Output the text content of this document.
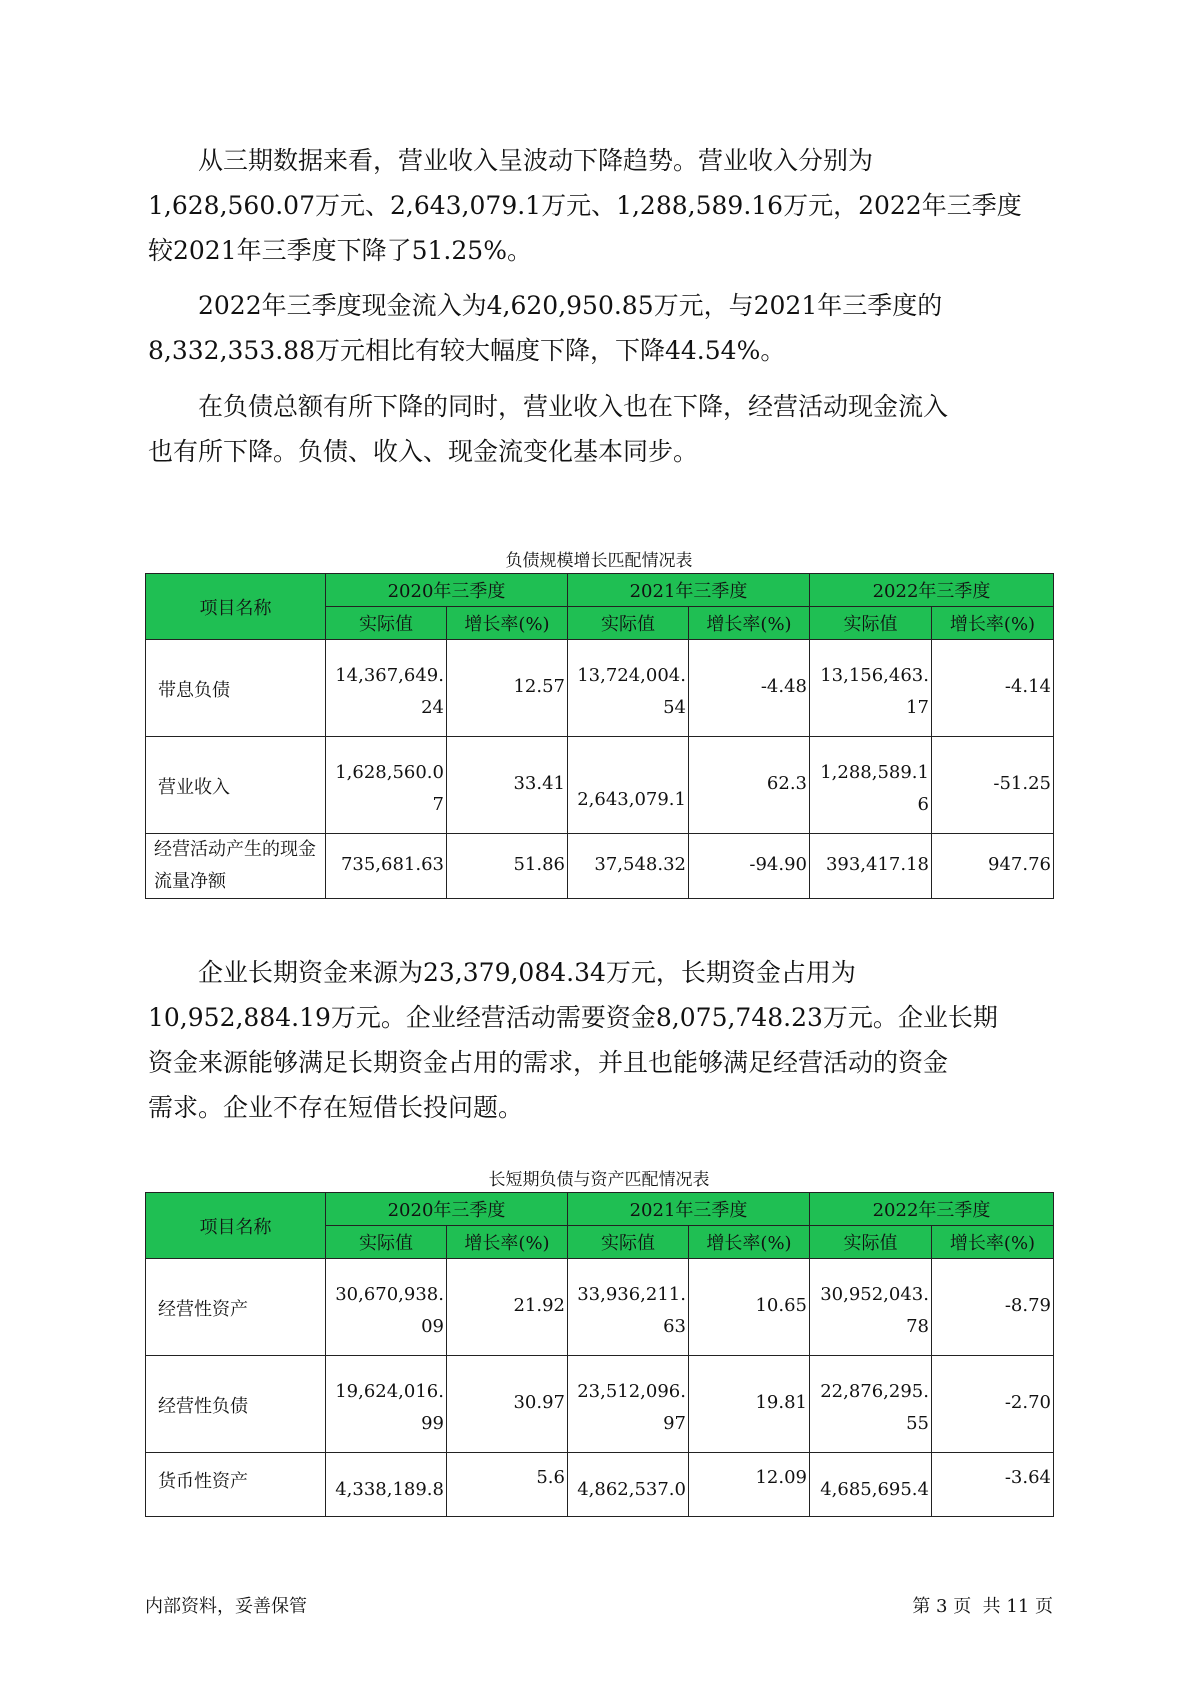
从三期数据来看，营业收入呈波动下降趋势。营业收入分别为
1,628,560.07万元、2,643,079.1万元、1,288,589.16万元，2022年三季度
较2021年三季度下降了51.25%。
2022年三季度现金流入为4,620,950.85万元，与2021年三季度的
8,332,353.88万元相比有较大幅度下降，下降44.54%。
在负债总额有所下降的同时，营业收入也在下降，经营活动现金流入
也有所下降。负债、收入、现金流变化基本同步。
负债规模增长匹配情况表
项目名称	2020年三季度		2021年三季度		2022年三季度	
	实际值	增长率(%)	实际值	增长率(%)	实际值	增长率(%)
带息负债	14,367,649.24	12.57	13,724,004.54	-4.48	13,156,463.17	-4.14
营业收入	1,628,560.07	33.41	2,643,079.1	62.3	1,288,589.16	-51.25
经营活动产生的现金流量净额	735,681.63	51.86	37,548.32	-94.90	393,417.18	947.76
企业长期资金来源为23,379,084.34万元，长期资金占用为
10,952,884.19万元。企业经营活动需要资金8,075,748.23万元。企业长期
资金来源能够满足长期资金占用的需求，并且也能够满足经营活动的资金
需求。企业不存在短借长投问题。
长短期负债与资产匹配情况表
项目名称	2020年三季度		2021年三季度		2022年三季度	
	实际值	增长率(%)	实际值	增长率(%)	实际值	增长率(%)
经营性资产	30,670,938.09	21.92	33,936,211.63	10.65	30,952,043.78	-8.79
经营性负债	19,624,016.99	30.97	23,512,096.97	19.81	22,876,295.55	-2.70
货币性资产	4,338,189.8	5.6	4,862,537.0	12.09	4,685,695.4	-3.64
内部资料，妥善保管	第 3 页  共 11 页
